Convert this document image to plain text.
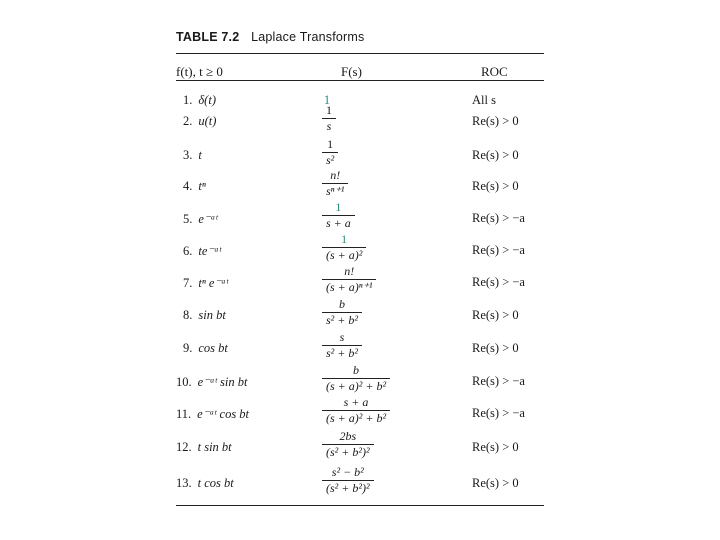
TABLE 7.2 Laplace Transforms
f(t), t ≥ 0	F(s)	ROC
1. δ(t)	1	All s
2. u(t)	$\frac{1}{s}$	Re(s) > 0
3. t	$\frac{1}{\text{s²}}$	Re(s) > 0
4. tⁿ	$\frac{n!}{\text{sⁿ⁺¹}}$	Re(s) > 0
5. e⁻ᵃᵗ	$\frac{1}{s + a}$	Re(s) > −a
6. te⁻ᵃᵗ	$\frac{1}{\text{(s + a)²}}$	Re(s) > −a
7. tⁿ e⁻ᵃᵗ	$\frac{n!}{\text{(s + a)ⁿ⁺¹}}$	Re(s) > −a
8. sin bt	$\frac{b}{\text{s² + b²}}$	Re(s) > 0
9. cos bt	$\frac{s}{\text{s² + b²}}$	Re(s) > 0
10. e⁻ᵃᵗ sin bt	$\frac{b}{\text{(s + a)² + b²}}$	Re(s) > −a
11. e⁻ᵃᵗ cos bt	$\frac{s + a}{\text{(s + a)² + b²}}$	Re(s) > −a
12. t sin bt	$\frac{2bs}{\text{(s² + b²)²}}$	Re(s) > 0
13. t cos bt	$\frac{\text{s² − b²}}{\text{(s² + b²)²}}$	Re(s) > 0
